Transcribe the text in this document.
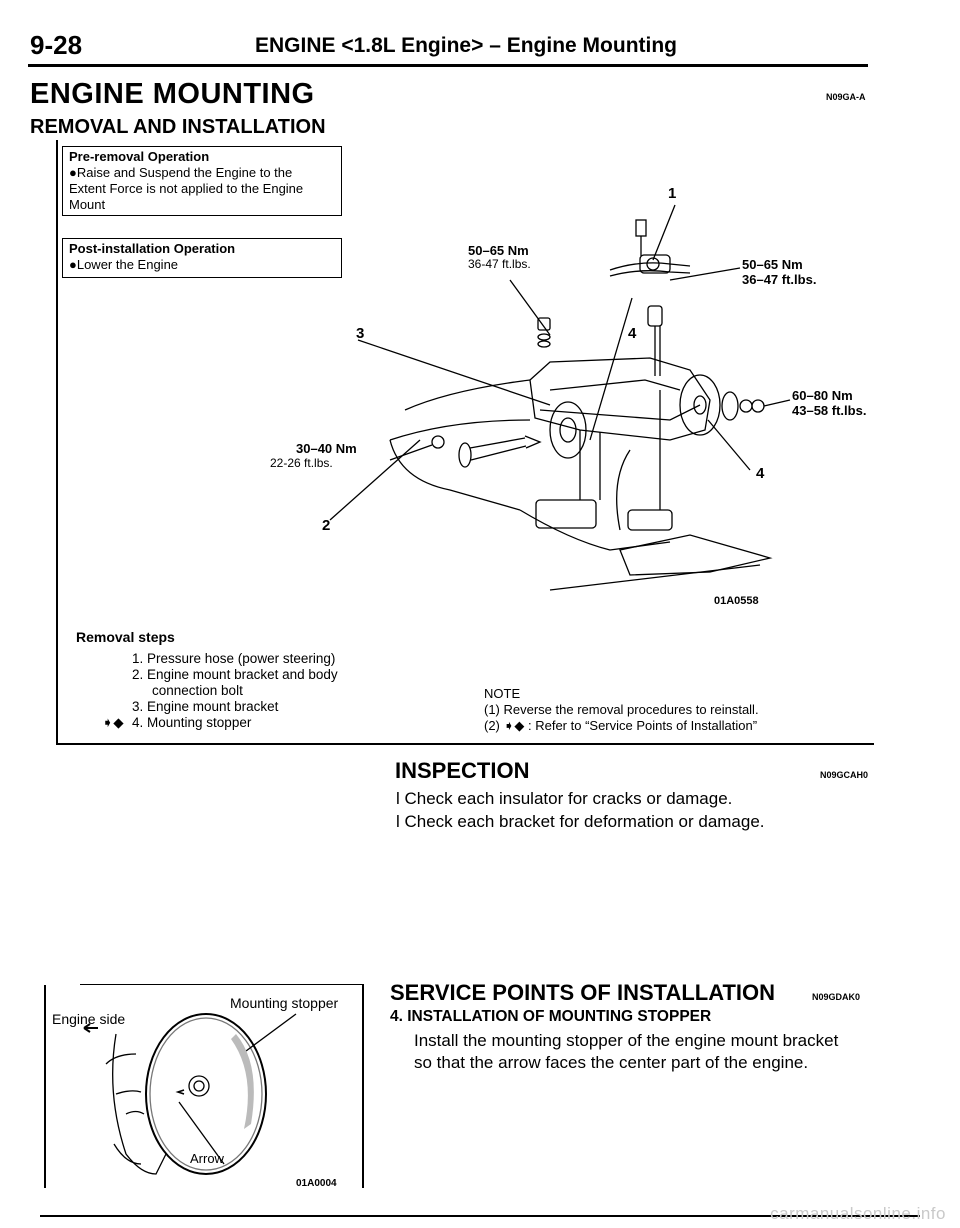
9-28	ENGINE <1.8L Engine> – Engine Mounting
ENGINE MOUNTING	N09GA-A
REMOVAL AND INSTALLATION
Pre-removal Operation
●Raise and Suspend the Engine to the
Extent Force is not applied to the Engine
Mount
Post-installation Operation
●Lower the Engine
1
50–65 Nm
36-47 ft.lbs.	50–65 Nm
36–47 ft.lbs.
3	4
60–80 Nm
43–58 ft.lbs.
30–40 Nm
22-26 ft.lbs.
4
2
01A0558
Removal steps
1. Pressure hose (power steering)
2. Engine mount bracket and body
connection bolt
3. Engine mount bracket
➧◆ 4. Mounting stopper
NOTE
(1) Reverse the removal procedures to reinstall.
(2) ➧◆ : Refer to “Service Points of Installation”
INSPECTION	N09GCAH0
l Check each insulator for cracks or damage.
l Check each bracket for deformation or damage.
Mounting stopper
Engine side
Arrow
01A0004
SERVICE POINTS OF INSTALLATION	N09GDAK0
4. INSTALLATION OF MOUNTING STOPPER
Install the mounting stopper of the engine mount bracket
so that the arrow faces the center part of the engine.
carmanualsonline.info
